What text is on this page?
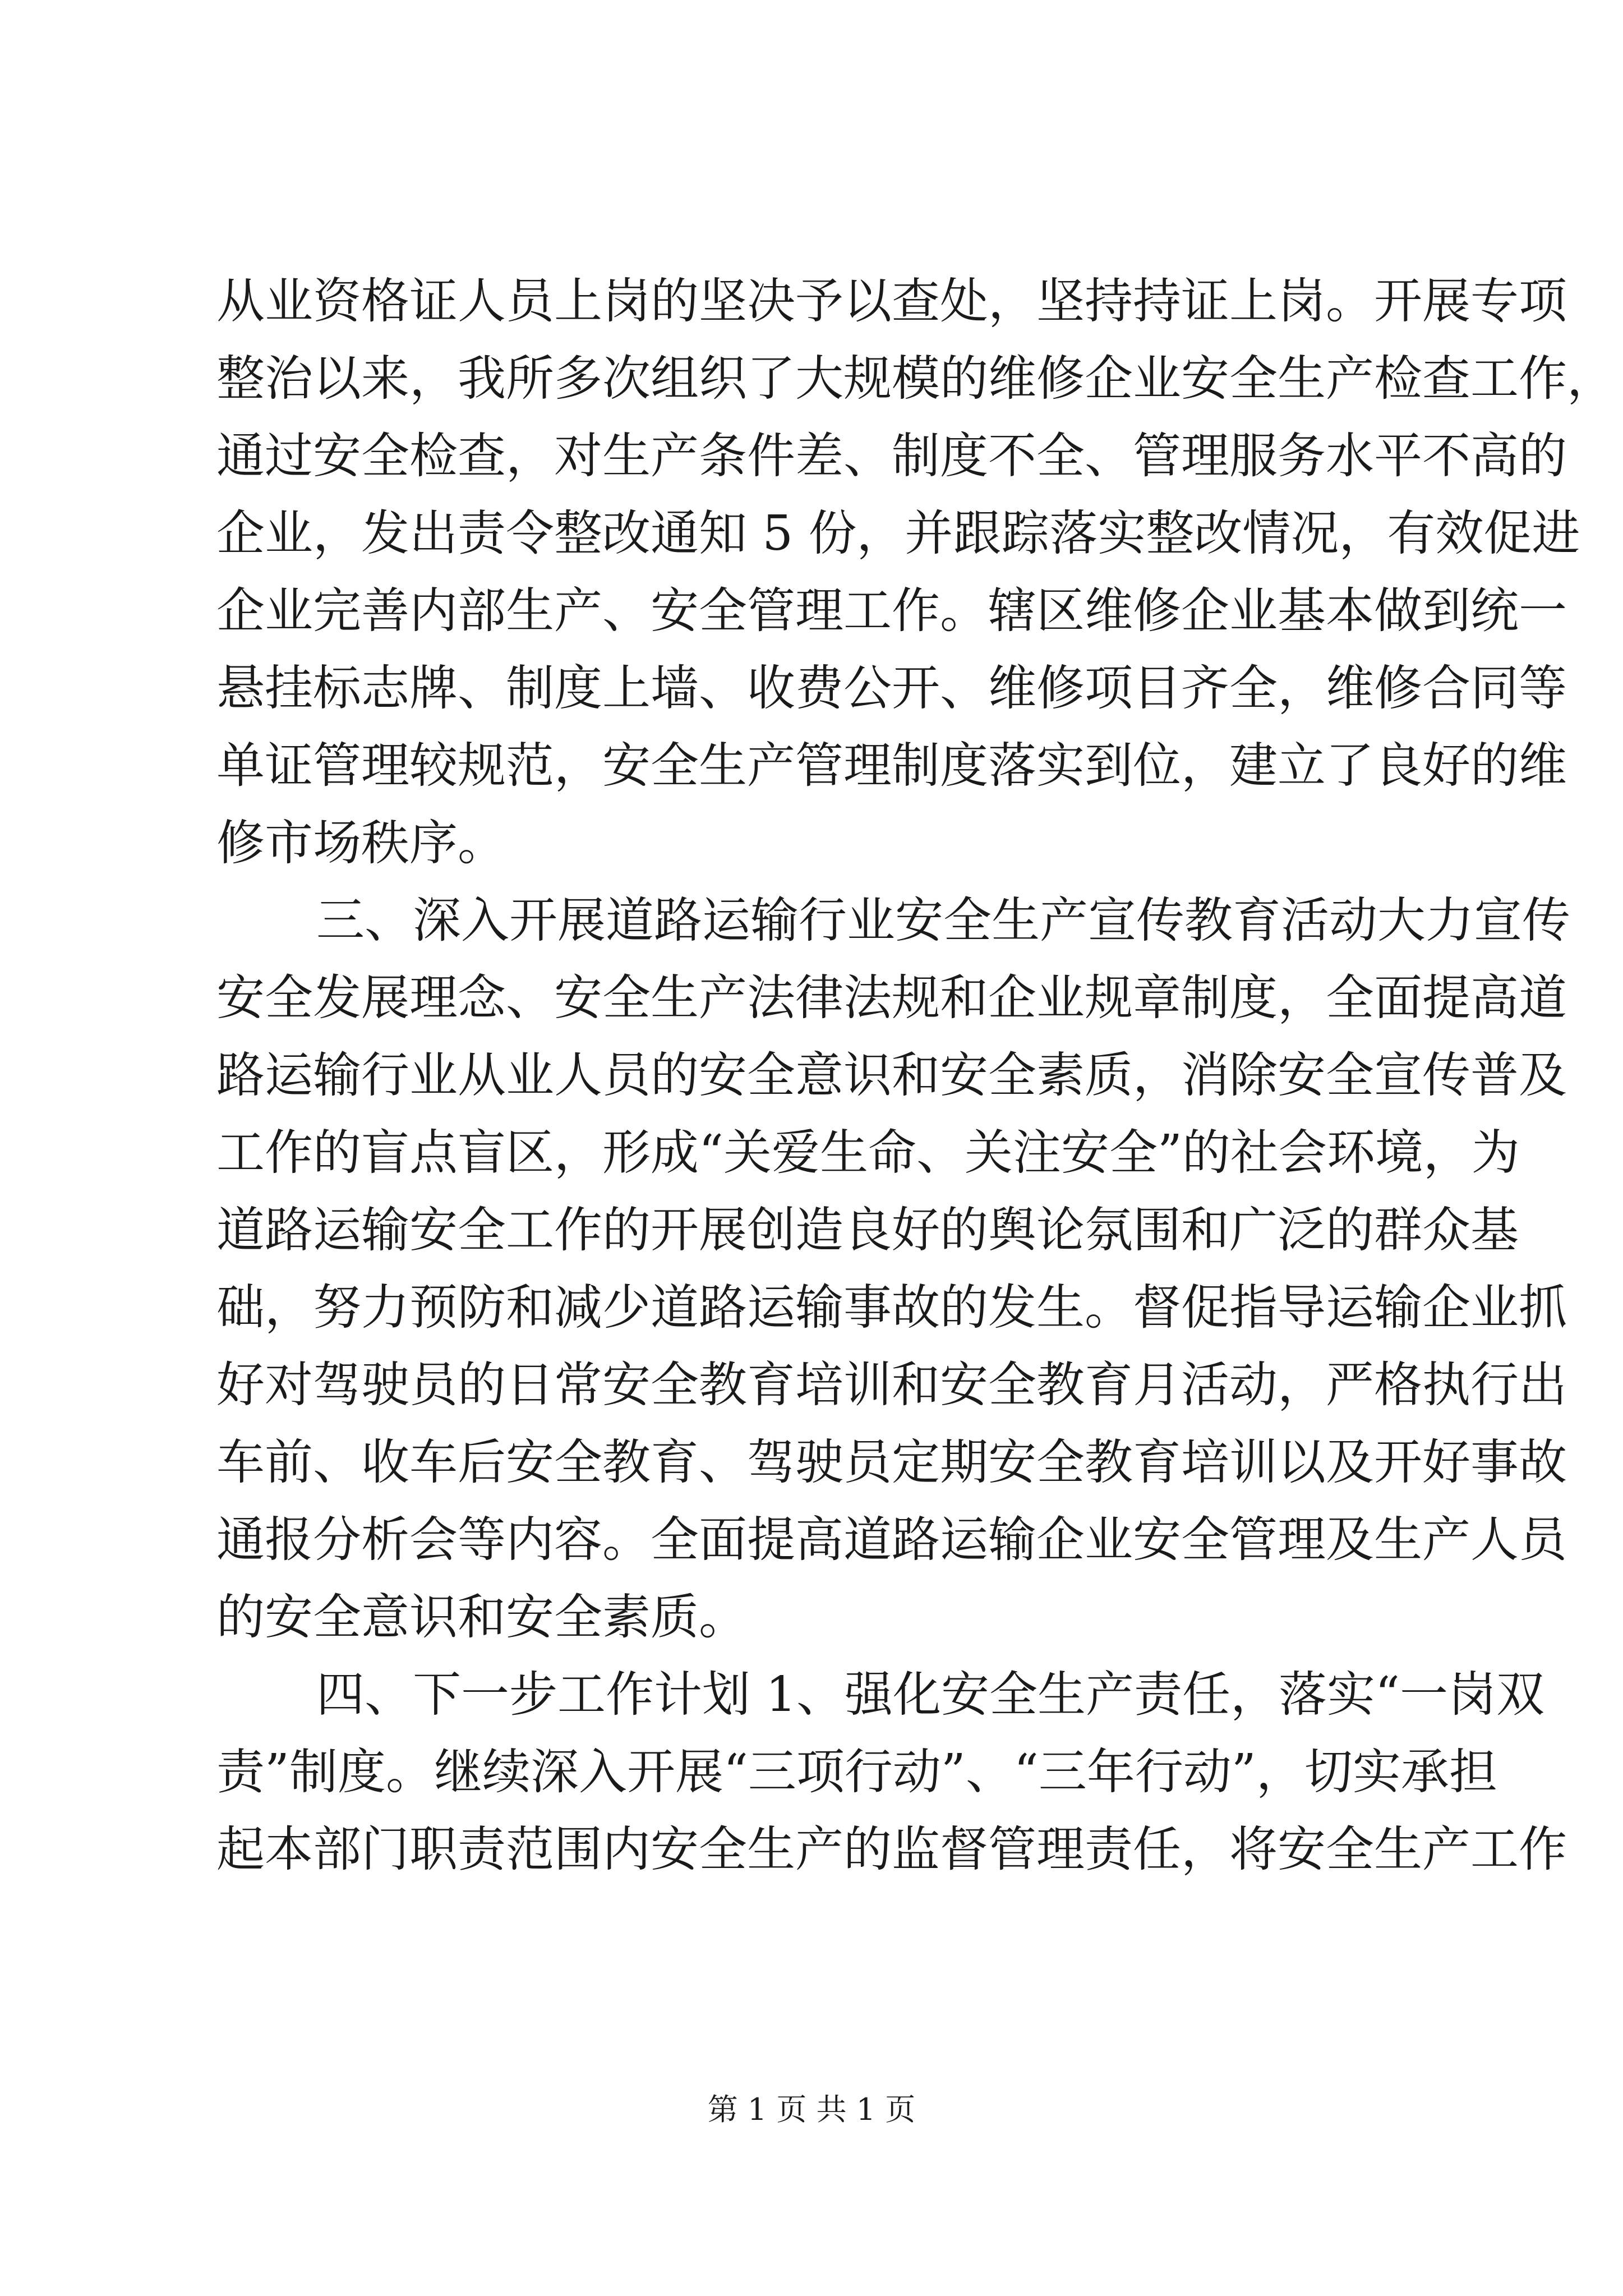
从业资格证人员上岗的坚决予以查处，坚持持证上岗。开展专项
整治以来，我所多次组织了大规模的维修企业安全生产检查工作，
通过安全检查，对生产条件差、制度不全、管理服务水平不高的
企业，发出责令整改通知 5 份，并跟踪落实整改情况，有效促进
企业完善内部生产、安全管理工作。辖区维修企业基本做到统一
悬挂标志牌、制度上墙、收费公开、维修项目齐全，维修合同等
单证管理较规范，安全生产管理制度落实到位，建立了良好的维
修市场秩序。
三、深入开展道路运输行业安全生产宣传教育活动大力宣传
安全发展理念、安全生产法律法规和企业规章制度，全面提高道
路运输行业从业人员的安全意识和安全素质，消除安全宣传普及
工作的盲点盲区，形成“关爱生命、关注安全”的社会环境，为
道路运输安全工作的开展创造良好的舆论氛围和广泛的群众基
础，努力预防和减少道路运输事故的发生。督促指导运输企业抓
好对驾驶员的日常安全教育培训和安全教育月活动，严格执行出
车前、收车后安全教育、驾驶员定期安全教育培训以及开好事故
通报分析会等内容。全面提高道路运输企业安全管理及生产人员
的安全意识和安全素质。
四、下一步工作计划 1、强化安全生产责任，落实“一岗双
责”制度。继续深入开展“三项行动”、“三年行动”，切实承担
起本部门职责范围内安全生产的监督管理责任，将安全生产工作
第 1 页 共 1 页
